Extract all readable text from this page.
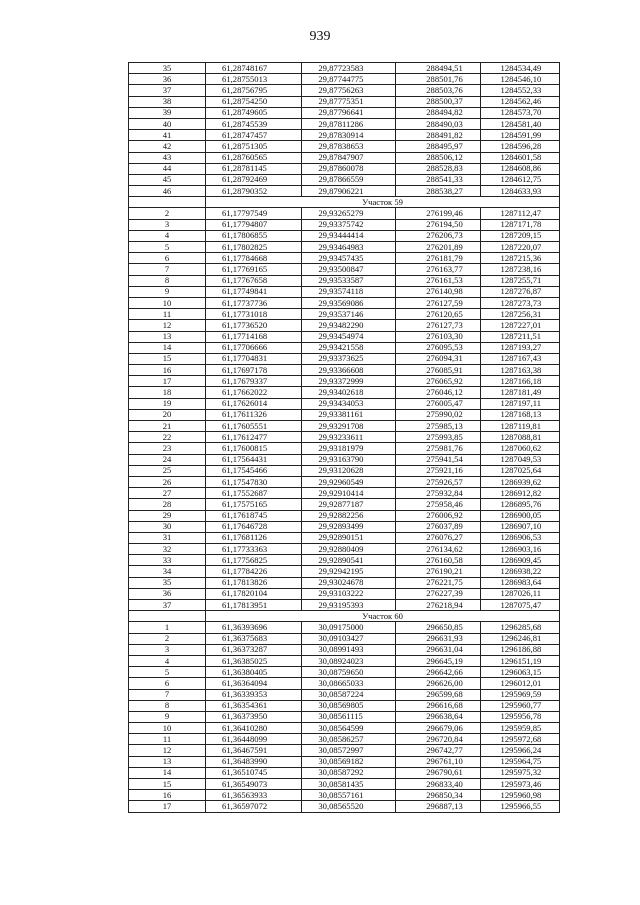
939
35	61,28748167	29,87723583	288494,51	1284534,49
36	61,28755013	29,87744775	288501,76	1284546,10
37	61,28756795	29,87756263	288503,76	1284552,33
38	61,28754250	29,87775351	288500,37	1284562,46
39	61,28749605	29,87796641	288494,82	1284573,70
40	61,28745539	29,87811286	288490,03	1284581,40
41	61,28747457	29,87830914	288491,82	1284591,99
42	61,28751305	29,87838653	288495,97	1284596,28
43	61,28760565	29,87847907	288506,12	1284601,58
44	61,28781145	29,87860078	288528,83	1284608,86
45	61,28792469	29,87866559	288541,33	1284612,75
46	61,28790352	29,87906221	288538,27	1284633,93
	Участок 59			
2	61,17797549	29,93265279	276199,46	1287112,47
3	61,17794807	29,93375742	276194,50	1287171,78
4	61,17806855	29,93444414	276206,73	1287209,15
5	61,17802825	29,93464983	276201,89	1287220,07
6	61,17784668	29,93457435	276181,79	1287215,36
7	61,17769165	29,93500847	276163,77	1287238,16
8	61,17767658	29,93533587	276161,53	1287255,71
9	61,17749841	29,93574118	276140,98	1287276,87
10	61,17737736	29,93569086	276127,59	1287273,73
11	61,17731018	29,93537146	276120,65	1287256,31
12	61,17736520	29,93482290	276127,73	1287227,01
13	61,17714168	29,93454974	276103,30	1287211,51
14	61,17706666	29,93421558	276095,53	1287193,27
15	61,17704831	29,93373625	276094,31	1287167,43
16	61,17697178	29,93366608	276085,91	1287163,38
17	61,17679337	29,93372999	276065,92	1287166,18
18	61,17662022	29,93402618	276046,12	1287181,49
19	61,17626014	29,93434053	276005,47	1287197,11
20	61,17611326	29,93381161	275990,02	1287168,13
21	61,17605551	29,93291708	275985,13	1287119,81
22	61,17612477	29,93233611	275993,85	1287088,81
23	61,17600815	29,93181979	275981,76	1287060,62
24	61,17564431	29,93163790	275941,54	1287049,53
25	61,17545466	29,93120628	275921,16	1287025,64
26	61,17547830	29,92960549	275926,57	1286939,62
27	61,17552687	29,92910414	275932,84	1286912,82
28	61,17575165	29,92877187	275958,46	1286895,76
29	61,17618745	29,92882256	276006,92	1286900,05
30	61,17646728	29,92893499	276037,89	1286907,10
31	61,17681126	29,92890151	276076,27	1286906,53
32	61,17733363	29,92880409	276134,62	1286903,16
33	61,17756825	29,92890541	276160,58	1286909,45
34	61,17784226	29,92942195	276190,21	1286938,22
35	61,17813826	29,93024678	276221,75	1286983,64
36	61,17820104	29,93103222	276227,39	1287026,11
37	61,17813951	29,93195393	276218,94	1287075,47
	Участок 60			
1	61,36393696	30,09175000	296650,85	1296285,68
2	61,36375683	30,09103427	296631,93	1296246,81
3	61,36373287	30,08991493	296631,04	1296186,88
4	61,36385025	30,08924023	296645,19	1296151,19
5	61,36380405	30,08759650	296642,66	1296063,15
6	61,36364094	30,08665033	296626,00	1296012,01
7	61,36339353	30,08587224	296599,68	1295969,59
8	61,36354361	30,08569805	296616,68	1295960,77
9	61,36373950	30,08561115	296638,64	1295956,78
10	61,36410280	30,08564599	296679,06	1295959,85
11	61,36448099	30,08586257	296720,84	1295972,68
12	61,36467591	30,08572997	296742,77	1295966,24
13	61,36483990	30,08569182	296761,10	1295964,75
14	61,36510745	30,08587292	296790,61	1295975,32
15	61,36549073	30,08581435	296833,40	1295973,46
16	61,36563933	30,08557161	296850,34	1295960,98
17	61,36597072	30,08565520	296887,13	1295966,55
